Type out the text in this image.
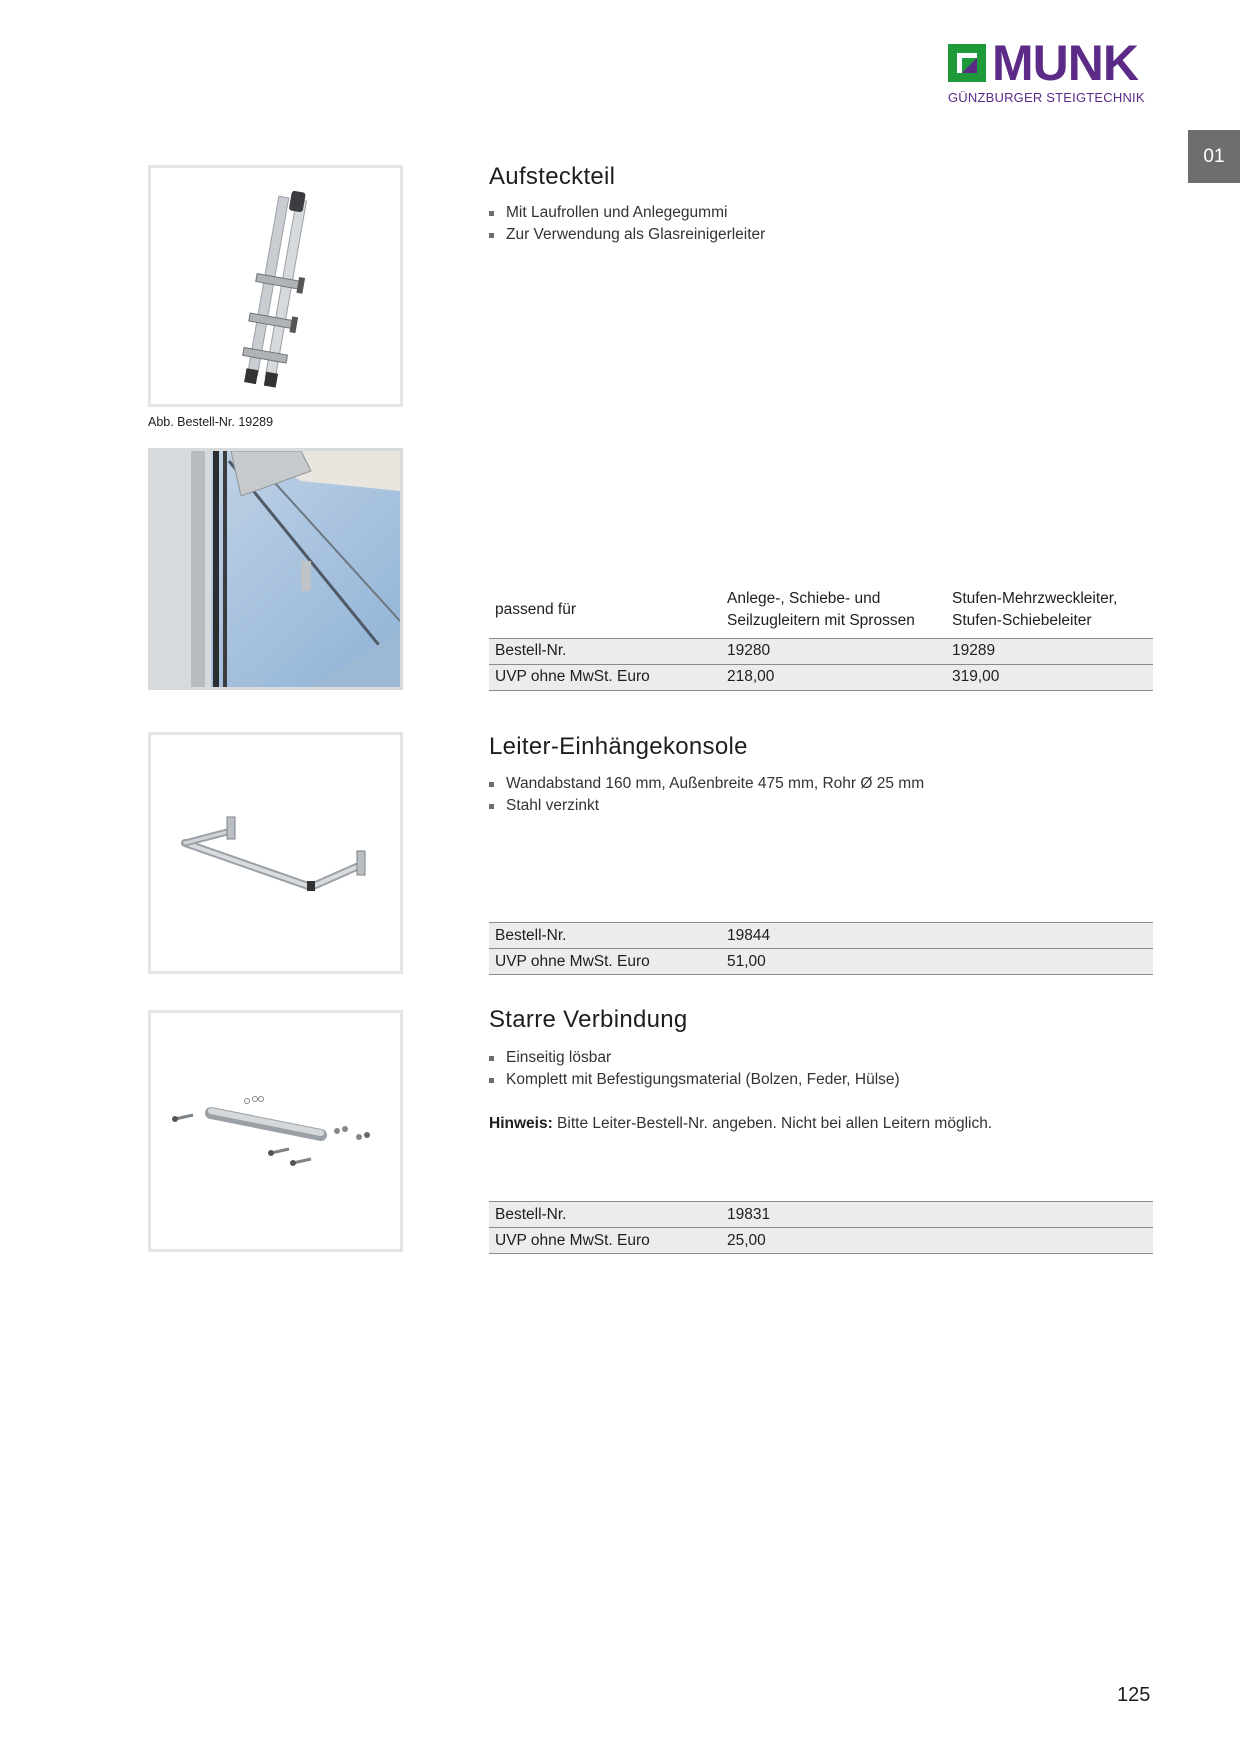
MUNK
GÜNZBURGER STEIGTECHNIK
01
Abb. Bestell-Nr. 19289
Aufsteckteil
Mit Laufrollen und Anlegegummi
Zur Verwendung als Glasreinigerleiter
passend für	Anlege-, Schiebe- und Seilzugleitern mit Sprossen	Stufen-Mehrzweckleiter, Stufen-Schiebeleiter
Bestell-Nr.	19280	19289
UVP ohne MwSt. Euro	218,00	319,00
Leiter-Einhängekonsole
Wandabstand 160 mm, Außenbreite 475 mm, Rohr Ø 25 mm
Stahl verzinkt
Bestell-Nr.	19844
UVP ohne MwSt. Euro	51,00
Starre Verbindung
Einseitig lösbar
Komplett mit Befestigungsmaterial (Bolzen, Feder, Hülse)

Hinweis: Bitte Leiter-Bestell-Nr. angeben. Nicht bei allen Leitern möglich.

Bestell-Nr.	19831
UVP ohne MwSt. Euro	25,00
125
